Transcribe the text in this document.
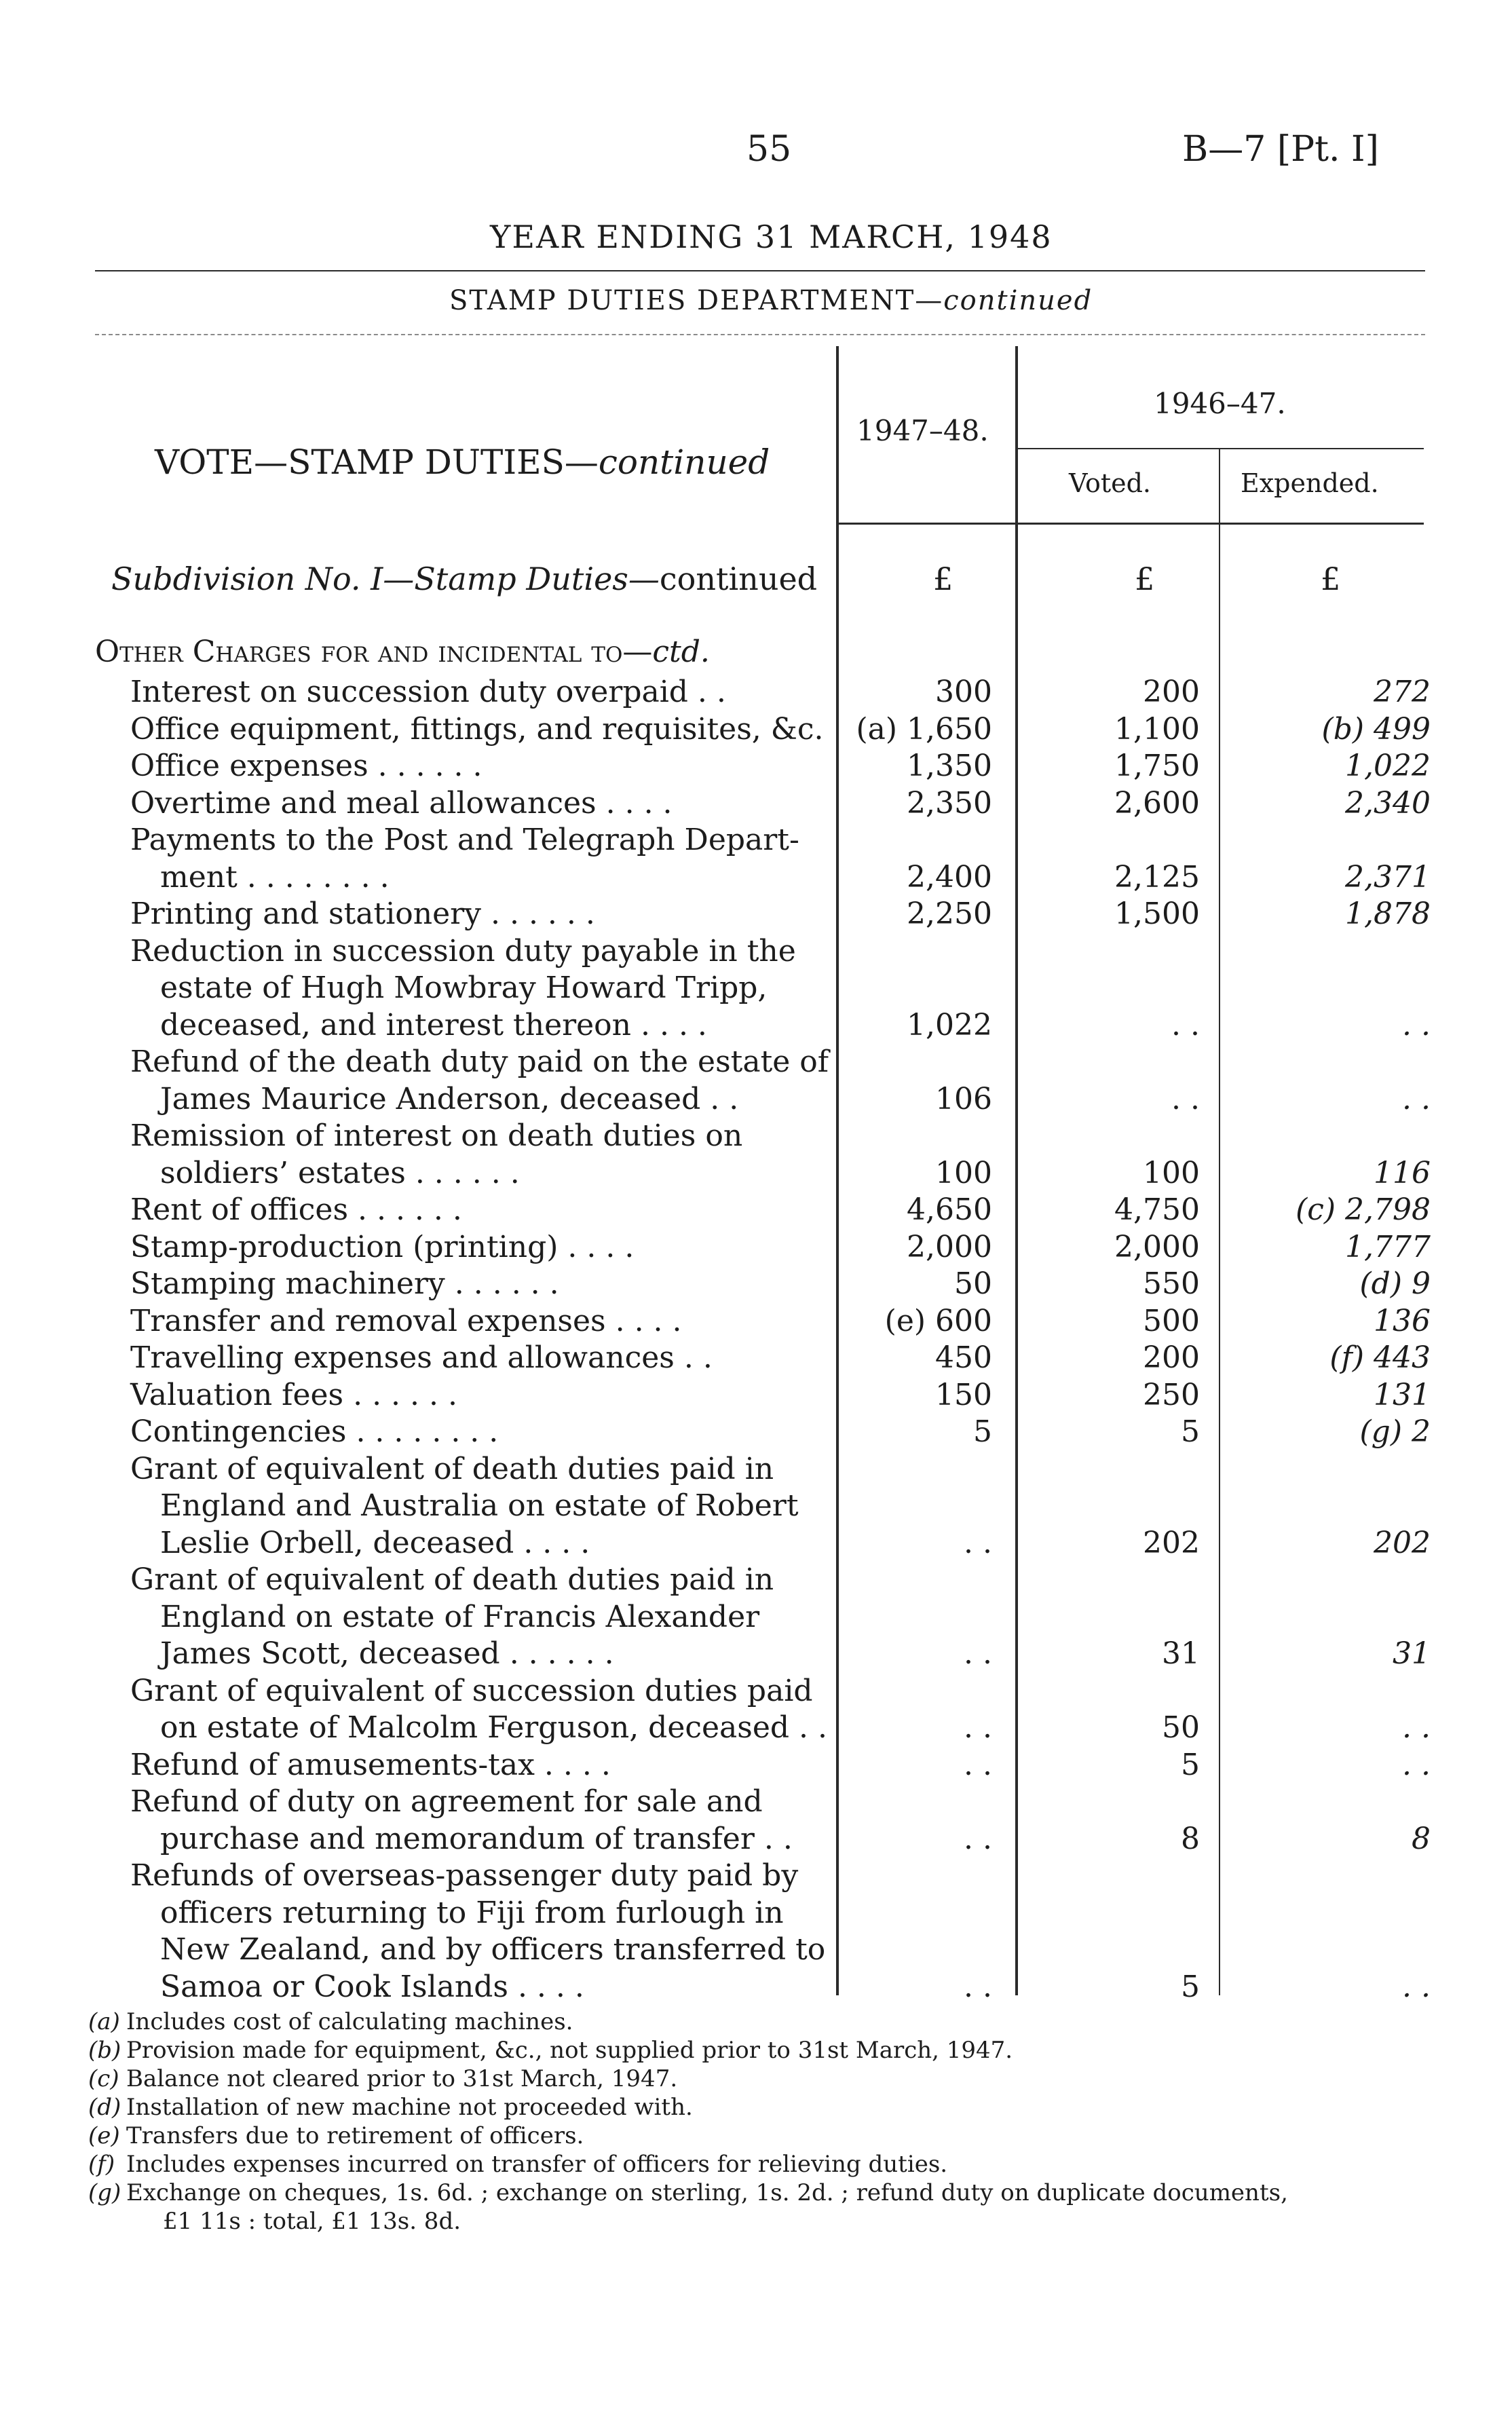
55	B—7 [Pt. I]
YEAR ENDING 31 MARCH, 1948
STAMP DUTIES DEPARTMENT—continued
VOTE—STAMP DUTIES—continued
1947–48.
1946–47.
Voted.	Expended.
Subdivision No. I—Stamp Duties—continued	£	£	£
Other Charges for and incidental to—ctd.
Interest on succession duty overpaid . .	300	200	272
Office equipment, fittings, and requisites, &c. (a) 1,650	1,100	(b) 499
Office expenses . . . . . .	1,350	1,750	1,022
Overtime and meal allowances . . . .	2,350	2,600	2,340
Payments to the Post and Telegraph Depart-
ment . . . . . . . .	2,400	2,125	2,371
Printing and stationery . . . . . .	2,250	1,500	1,878
Reduction in succession duty payable in the
estate of Hugh Mowbray Howard Tripp,
deceased, and interest thereon . . . .	1,022	. .	. .
Refund of the death duty paid on the estate of
James Maurice Anderson, deceased . .	106	. .	. .
Remission of interest on death duties on
soldiers’ estates . . . . . .	100	100	116
Rent of offices . . . . . .	4,650	4,750	(c) 2,798
Stamp-production (printing) . . . .	2,000	2,000	1,777
Stamping machinery . . . . . .	50	550	(d) 9
Transfer and removal expenses . . . .	(e) 600	500	136
Travelling expenses and allowances . .	450	200	(f) 443
Valuation fees . . . . . .	150	250	131
Contingencies . . . . . . . .	5	5	(g) 2
Grant of equivalent of death duties paid in
England and Australia on estate of Robert
Leslie Orbell, deceased . . . .	. .	202	202
Grant of equivalent of death duties paid in
England on estate of Francis Alexander
James Scott, deceased . . . . . .	. .	31	31
Grant of equivalent of succession duties paid
on estate of Malcolm Ferguson, deceased . .	. .	50	. .
Refund of amusements-tax . . . .	. .	5	. .
Refund of duty on agreement for sale and
purchase and memorandum of transfer . .	. .	8	8
Refunds of overseas-passenger duty paid by
officers returning to Fiji from furlough in
New Zealand, and by officers transferred to
Samoa or Cook Islands . . . .	. .	5	. .
(a) Includes cost of calculating machines.
(b) Provision made for equipment, &c., not supplied prior to 31st March, 1947.
(c) Balance not cleared prior to 31st March, 1947.
(d) Installation of new machine not proceeded with.
(e) Transfers due to retirement of officers.
(f) Includes expenses incurred on transfer of officers for relieving duties.
(g) Exchange on cheques, 1s. 6d. ; exchange on sterling, 1s. 2d. ; refund duty on duplicate documents,
£1 11s : total, £1 13s. 8d.
